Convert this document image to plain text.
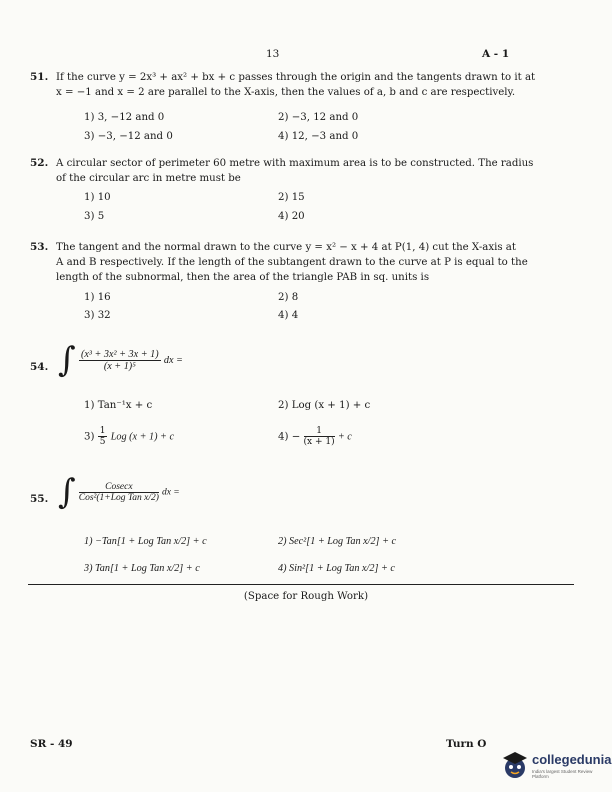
13	A - 1
51. If the curve y = 2x³ + ax² + bx + c passes through the origin and the tangents drawn to it at
x = −1 and x = 2 are parallel to the X-axis, then the values of a, b and c are respectively.
1) 3, −12 and 0	2) −3, 12 and 0
3) −3, −12 and 0	4) 12, −3 and 0
52. A circular sector of perimeter 60 metre with maximum area is to be constructed. The radius
of the circular arc in metre must be
1) 10	2) 15
3) 5	4) 20
53. The tangent and the normal drawn to the curve y = x² − x + 4 at P(1, 4) cut the X-axis at
A and B respectively. If the length of the subtangent drawn to the curve at P is equal to the
length of the subnormal, then the area of the triangle PAB in sq. units is
1) 16	2) 8
3) 32	4) 4
54. ∫ $\frac{\text{(x³ + 3x² + 3x + 1)}}{\text{(x + 1)⁵}}$ dx =
1) Tan⁻¹x + c	2) Log (x + 1) + c
$3) \frac{1}{5}$ Log (x + 1) + c	$4) - \frac{1}{(x + 1)} + c$
55. ∫ $\frac{Cosecx}{\text{Cos²(1+Log Tan x/2)}}$ dx =
1) −Tan[1 + Log Tan x/2] + c	2) Sec²[1 + Log Tan x/2] + c
3) Tan[1 + Log Tan x/2] + c	4) Sin²[1 + Log Tan x/2] + c
(Space for Rough Work)
SR - 49	Turn O
collegedunia
India's largest Student Review Platform
